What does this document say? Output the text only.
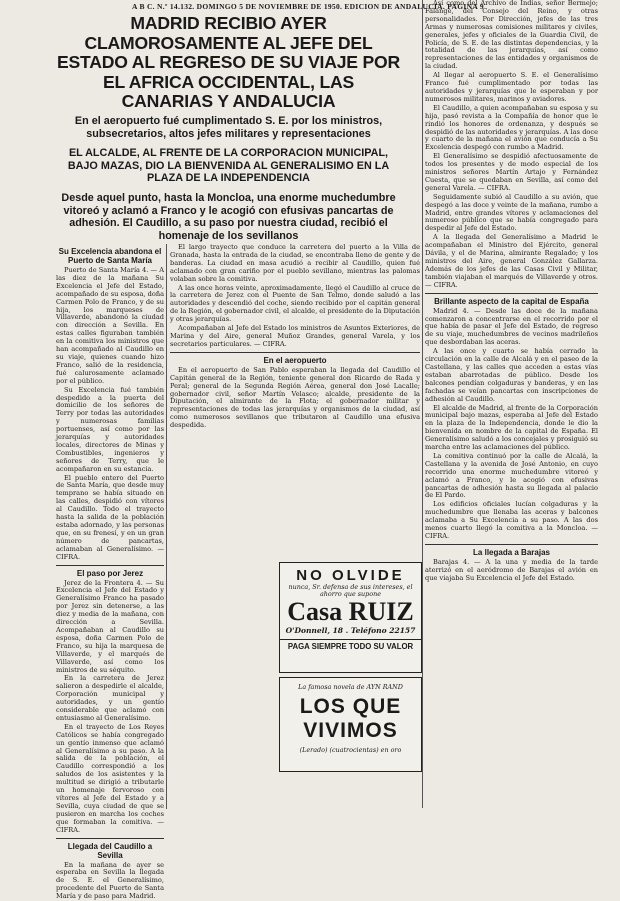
A B C. N.º 14.132. DOMINGO 5 DE NOVIEMBRE DE 1950. EDICION DE ANDALUCIA. PAGINA 9
MADRID RECIBIO AYER CLAMOROSAMENTE AL JEFE DEL ESTADO AL REGRESO DE SU VIAJE POR EL AFRICA OCCIDENTAL, LAS CANARIAS Y ANDALUCIA
En el aeropuerto fué cumplimentado S. E. por los ministros, subsecretarios, altos jefes militares y representaciones
EL ALCALDE, AL FRENTE DE LA CORPORACION MUNICIPAL, BAJO MAZAS, DIO LA BIENVENIDA AL GENERALISIMO EN LA PLAZA DE LA INDEPENDENCIA
Desde aquel punto, hasta la Moncloa, una enorme muchedumbre vitoreó y aclamó a Franco y le acogió con efusivas pancartas de adhesión. El Caudillo, a su paso por nuestra ciudad, recibió el homenaje de los sevillanos
Su Excelencia abandona el Puerto de Santa María

Puerto de Santa María 4. — A las diez de la mañana Su Excelencia el Jefe del Estado, acompañado de su esposa, doña Carmen Polo de Franco, y de su hija, los marqueses de Villaverde, abandonó la ciudad con dirección a Sevilla. En estas calles figuraban también en la comitiva los ministros que han acompañado al Caudillo en su viaje, quienes cuando hizo Franco, salió de la residencia, fué calurosamente aclamado por el público.

Su Excelencia fué también despedido a la puerta del domicilio de los señores de Terry por todas las autoridades y numerosas familias portuenses, así como por las jerarquías y autoridades locales, directores de Minas y Combustibles, ingenieros y señores de Terry, que le acompañaron en su estancia.

El pueblo entero del Puerto de Santa María, que desde muy temprano se había situado en las calles, despidió con vítores al Caudillo. Todo el trayecto hasta la salida de la población estaba adornado, y las personas que, en su frenesí, y en un gran número de pancartas, aclamaban al Generalísimo. — CIFRA.

El paso por Jerez

Jerez de la Frontera 4. — Su Excelencia el Jefe del Estado y Generalísimo Franco ha pasado por Jerez sin detenerse, a las diez y media de la mañana, con dirección a Sevilla. Acompañaban al Caudillo su esposa, doña Carmen Polo de Franco, su hija la marquesa de Villaverde, y el marqués de Villaverde, así como los ministros de su séquito.

En la carretera de Jerez salieron a despedirle el alcalde, Corporación municipal y autoridades, y un gentío considerable que aclamó con entusiasmo al Generalísimo.

En el trayecto de Los Reyes Católicos se había congregado un gentío inmenso que aclamó al Generalísimo a su paso. A la salida de la población, el Caudillo correspondió a los saludos de los asistentes y la multitud se dirigió a tributarle un homenaje fervoroso con vítores al Jefe del Estado y a Sevilla, cuya ciudad de que se pusieron en marcha los coches que formaban la comitiva. — CIFRA.

Llegada del Caudillo a Sevilla

En la mañana de ayer se esperaba en Sevilla la llegada de S. E. el Generalísimo, procedente del Puerto de Santa María y de paso para Madrid.

El largo trayecto que conduce la carretera del puerto a la Villa de Granada, hasta la entrada de la ciudad, se encontraba lleno de gente y de banderas. La ciudad en masa acudió a recibir al Caudillo, quien fué aclamado con gran cariño por el pueblo sevillano, mientras las palomas volaban sobre la comitiva.

A las once horas veinte, aproximadamente, llegó el Caudillo al cruce de la carretera de Jerez con el Puente de San Telmo, donde saludó a las autoridades y descendió del coche, siendo recibido por el capitán general de la Región, el gobernador civil, el alcalde, el presidente de la Diputación y otras jerarquías.

Acompañaban al Jefe del Estado los ministros de Asuntos Exteriores, de Marina y del Aire, general Muñoz Grandes, general Varela, y los secretarios particulares. — CIFRA.

En el aeropuerto

En el aeropuerto de San Pablo esperaban la llegada del Caudillo el Capitán general de la Región, teniente general don Ricardo de Rada y Peral; general de la Segunda Región Aérea, general don José Lacalle; gobernador civil, señor Martín Velasco; alcalde, presidente de la Diputación, el almirante de la Flota; el gobernador militar y representaciones de todas las jerarquías y organismos de la ciudad, así como numerosos sevillanos que tributaron al Caudillo una efusiva despedida.

Así como del Archivo de Indias, señor Bermejo; Falange, del Consejo del Reino, y otras personalidades. Por Dirección, jefes de las tres Armas y numerosas comisiones militares y civiles, generales, jefes y oficiales de la Guardia Civil, de Policía, de S. E. de las distintas dependencias, y la totalidad de las jerarquías, así como representaciones de las entidades y organismos de la ciudad.

Al llegar al aeropuerto S. E. el Generalísimo Franco fué cumplimentado por todas las autoridades y jerarquías que le esperaban y por numerosos militares, marinos y aviadores.

El Caudillo, a quien acompañaban su esposa y su hija, pasó revista a la Compañía de honor que le rindió los honores de ordenanza, y después se despidió de las autoridades y jerarquías. A las doce y cuarto de la mañana el avión que conducía a Su Excelencia despegó con rumbo a Madrid.

El Generalísimo se despidió afectuosamente de todos los presentes y de modo especial de los ministros señores Martín Artajo y Fernández Cuesta, que se quedaban en Sevilla, así como del general Varela. — CIFRA.

Seguidamente subió al Caudillo a su avión, que despegó a las doce y veinte de la mañana, rumbo a Madrid, entre grandes vítores y aclamaciones del numeroso público que se había congregado para despedir al Jefe del Estado.

A la llegada del Generalísimo a Madrid le acompañaban el Ministro del Ejército, general Dávila, y el de Marina, almirante Regalado; y los ministros del Aire, general González Gallarza. Además de los jefes de las Casas Civil y Militar, también viajaban el marqués de Villaverde y otros. — CIFRA.

Brillante aspecto de la capital de España

Madrid 4. — Desde las doce de la mañana comenzaron a concentrarse en el recorrido por el que había de pasar el Jefe del Estado, de regreso de su viaje, muchedumbres de vecinos madrileños que desbordaban las aceras.

A las once y cuarto se había cerrado la circulación en la calle de Alcalá y en el paseo de la Castellana, y las calles que acceden a estas vías estaban abarrotadas de público. Desde los balcones pendían colgaduras y banderas, y en las fachadas se veían pancartas con inscripciones de adhesión al Caudillo.

El alcalde de Madrid, al frente de la Corporación municipal bajo mazas, esperaba al Jefe del Estado en la plaza de la Independencia, donde le dio la bienvenida en nombre de la capital de España. El Generalísimo saludó a los concejales y prosiguió su marcha entre las aclamaciones del público.

La comitiva continuó por la calle de Alcalá, la Castellana y la avenida de José Antonio, en cuyo recorrido una enorme muchedumbre vitoreó y aclamó a Franco, y le acogió con efusivas pancartas de adhesión hasta su llegada al palacio de El Pardo.

Los edificios oficiales lucían colgaduras y la muchedumbre que llenaba las aceras y balcones aclamaba a Su Excelencia a su paso. A las dos menos cuarto llegó la comitiva a la Moncloa. — CIFRA.

La llegada a Barajas

Barajas 4. — A la una y media de la tarde aterrizó en el aeródromo de Barajas el avión en que viajaba Su Excelencia el Jefe del Estado.

NO OLVIDE
nunca, Sr. defensa de sus intereses, el ahorro que supone
Casa RUIZ
O'Donnell, 18 . Teléfono 22157
PAGA SIEMPRE TODO SU VALOR
La famosa novela de AYN RAND
LOS QUE
VIVIMOS
(Lerado) (cuatrocientas) en oro
